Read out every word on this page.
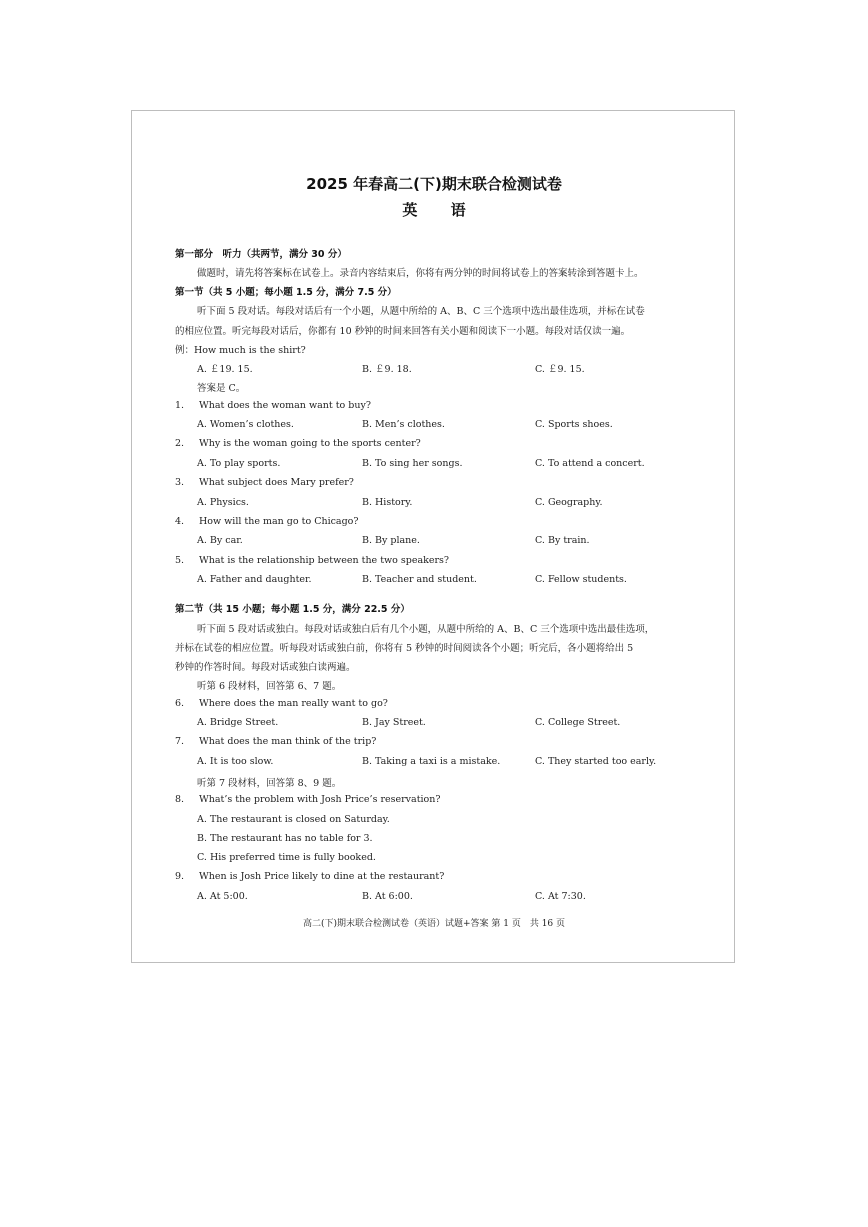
2025 年春高二(下)期末联合检测试卷
英 语
第一部分　听力（共两节，满分 30 分）
做题时，请先将答案标在试卷上。录音内容结束后，你将有两分钟的时间将试卷上的答案转涂到答题卡上。
第一节（共 5 小题；每小题 1.5 分，满分 7.5 分）
听下面 5 段对话。每段对话后有一个小题，从题中所给的 A、B、C 三个选项中选出最佳选项，并标在试卷
的相应位置。听完每段对话后，你都有 10 秒钟的时间来回答有关小题和阅读下一小题。每段对话仅读一遍。
例：How much is the shirt?
A. ￡19. 15.	B. ￡9. 18.	C. ￡9. 15.
答案是 C。
1. What does the woman want to buy?
A. Women’s clothes.	B. Men’s clothes.	C. Sports shoes.
2. Why is the woman going to the sports center?
A. To play sports.	B. To sing her songs.	C. To attend a concert.
3. What subject does Mary prefer?
A. Physics.	B. History.	C. Geography.
4. How will the man go to Chicago?
A. By car.	B. By plane.	C. By train.
5. What is the relationship between the two speakers?
A. Father and daughter.	B. Teacher and student.	C. Fellow students.
第二节（共 15 小题；每小题 1.5 分，满分 22.5 分）
听下面 5 段对话或独白。每段对话或独白后有几个小题，从题中所给的 A、B、C 三个选项中选出最佳选项，
并标在试卷的相应位置。听每段对话或独白前，你将有 5 秒钟的时间阅读各个小题；听完后，各小题将给出 5
秒钟的作答时间。每段对话或独白读两遍。
听第 6 段材料，回答第 6、7 题。
6. Where does the man really want to go?
A. Bridge Street.	B. Jay Street.	C. College Street.
7. What does the man think of the trip?
A. It is too slow.	B. Taking a taxi is a mistake.	C. They started too early.
听第 7 段材料，回答第 8、9 题。
8. What’s the problem with Josh Price’s reservation?
A. The restaurant is closed on Saturday.
B. The restaurant has no table for 3.
C. His preferred time is fully booked.
9. When is Josh Price likely to dine at the restaurant?
A. At 5:00.	B. At 6:00.	C. At 7:30.
高二(下)期末联合检测试卷（英语）试题+答案 第 1 页　共 16 页
